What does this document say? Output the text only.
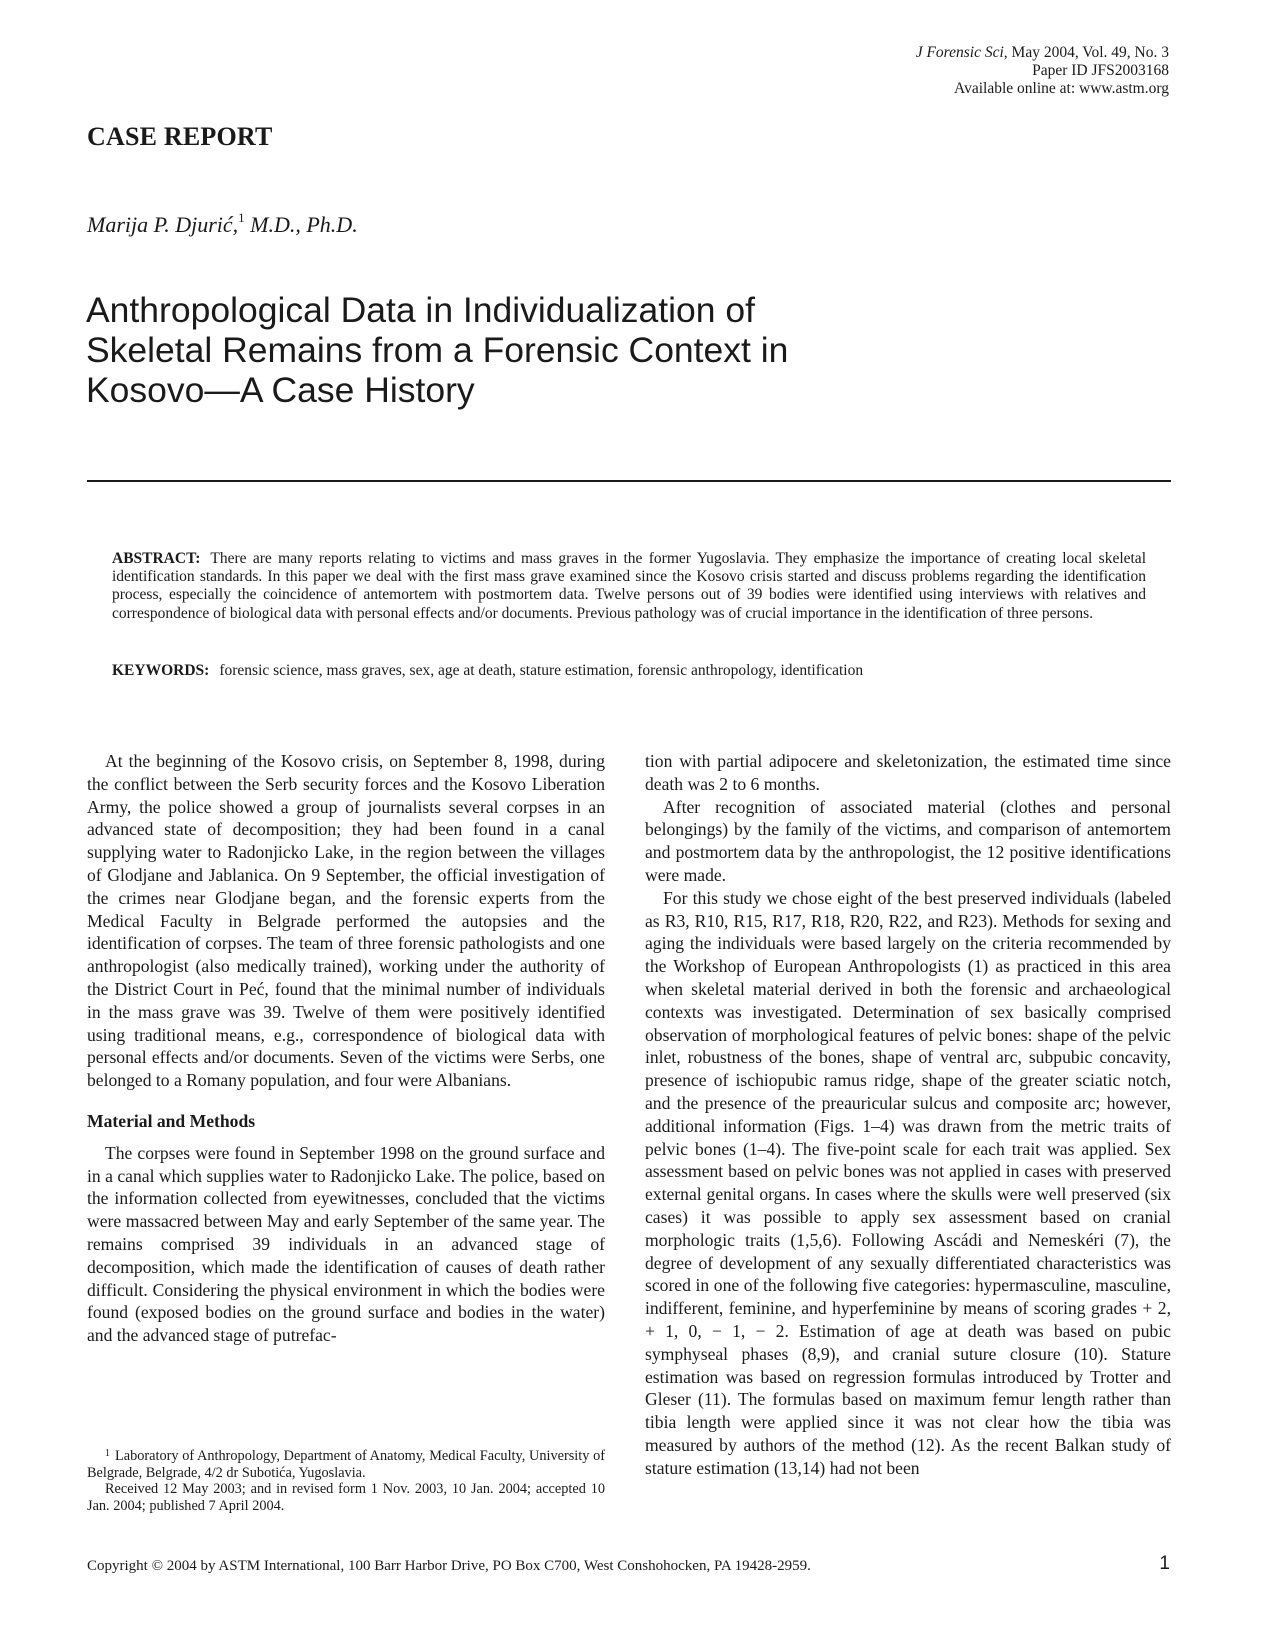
J Forensic Sci, May 2004, Vol. 49, No. 3
Paper ID JFS2003168
Available online at: www.astm.org
CASE REPORT
Marija P. Djurić,$^1$ M.D., Ph.D.
Anthropological Data in Individualization of Skeletal Remains from a Forensic Context in Kosovo—A Case History
ABSTRACT: There are many reports relating to victims and mass graves in the former Yugoslavia. They emphasize the importance of creating local skeletal identification standards. In this paper we deal with the first mass grave examined since the Kosovo crisis started and discuss problems regarding the identification process, especially the coincidence of antemortem with postmortem data. Twelve persons out of 39 bodies were identified using interviews with relatives and correspondence of biological data with personal effects and/or documents. Previous pathology was of crucial importance in the identification of three persons.
KEYWORDS: forensic science, mass graves, sex, age at death, stature estimation, forensic anthropology, identification

At the beginning of the Kosovo crisis, on September 8, 1998, during the conflict between the Serb security forces and the Kosovo Liberation Army, the police showed a group of journalists several corpses in an advanced state of decomposition; they had been found in a canal supplying water to Radonjicko Lake, in the region between the villages of Glodjane and Jablanica. On 9 September, the official investigation of the crimes near Glodjane began, and the forensic experts from the Medical Faculty in Belgrade performed the autopsies and the identification of corpses. The team of three forensic pathologists and one anthropologist (also medically trained), working under the authority of the District Court in Peć, found that the minimal number of individuals in the mass grave was 39. Twelve of them were positively identified using traditional means, e.g., correspondence of biological data with personal effects and/or documents. Seven of the victims were Serbs, one belonged to a Romany population, and four were Albanians.

Material and Methods

The corpses were found in September 1998 on the ground surface and in a canal which supplies water to Radonjicko Lake. The police, based on the information collected from eyewitnesses, concluded that the victims were massacred between May and early September of the same year. The remains comprised 39 individuals in an advanced stage of decomposition, which made the identification of causes of death rather difficult. Considering the physical environment in which the bodies were found (exposed bodies on the ground surface and bodies in the water) and the advanced stage of putrefac-

tion with partial adipocere and skeletonization, the estimated time since death was 2 to 6 months.

After recognition of associated material (clothes and personal belongings) by the family of the victims, and comparison of antemortem and postmortem data by the anthropologist, the 12 positive identifications were made.

For this study we chose eight of the best preserved individuals (labeled as R3, R10, R15, R17, R18, R20, R22, and R23). Methods for sexing and aging the individuals were based largely on the criteria recommended by the Workshop of European Anthropologists (1) as practiced in this area when skeletal material derived in both the forensic and archaeological contexts was investigated. Determination of sex basically comprised observation of morphological features of pelvic bones: shape of the pelvic inlet, robustness of the bones, shape of ventral arc, subpubic concavity, presence of ischiopubic ramus ridge, shape of the greater sciatic notch, and the presence of the preauricular sulcus and composite arc; however, additional information (Figs. 1–4) was drawn from the metric traits of pelvic bones (1–4). The five-point scale for each trait was applied. Sex assessment based on pelvic bones was not applied in cases with preserved external genital organs. In cases where the skulls were well preserved (six cases) it was possible to apply sex assessment based on cranial morphologic traits (1,5,6). Following Ascádi and Nemeskéri (7), the degree of development of any sexually differentiated characteristics was scored in one of the following five categories: hypermasculine, masculine, indifferent, feminine, and hyperfeminine by means of scoring grades + 2, + 1, 0, − 1, − 2. Estimation of age at death was based on pubic symphyseal phases (8,9), and cranial suture closure (10). Stature estimation was based on regression formulas introduced by Trotter and Gleser (11). The formulas based on maximum femur length rather than tibia length were applied since it was not clear how the tibia was measured by authors of the method (12). As the recent Balkan study of stature estimation (13,14) had not been

$^1$ Laboratory of Anthropology, Department of Anatomy, Medical Faculty, University of Belgrade, Belgrade, 4/2 dr Subotića, Yugoslavia.

Received 12 May 2003; and in revised form 1 Nov. 2003, 10 Jan. 2004; accepted 10 Jan. 2004; published 7 April 2004.

Copyright © 2004 by ASTM International, 100 Barr Harbor Drive, PO Box C700, West Conshohocken, PA 19428-2959.	1
